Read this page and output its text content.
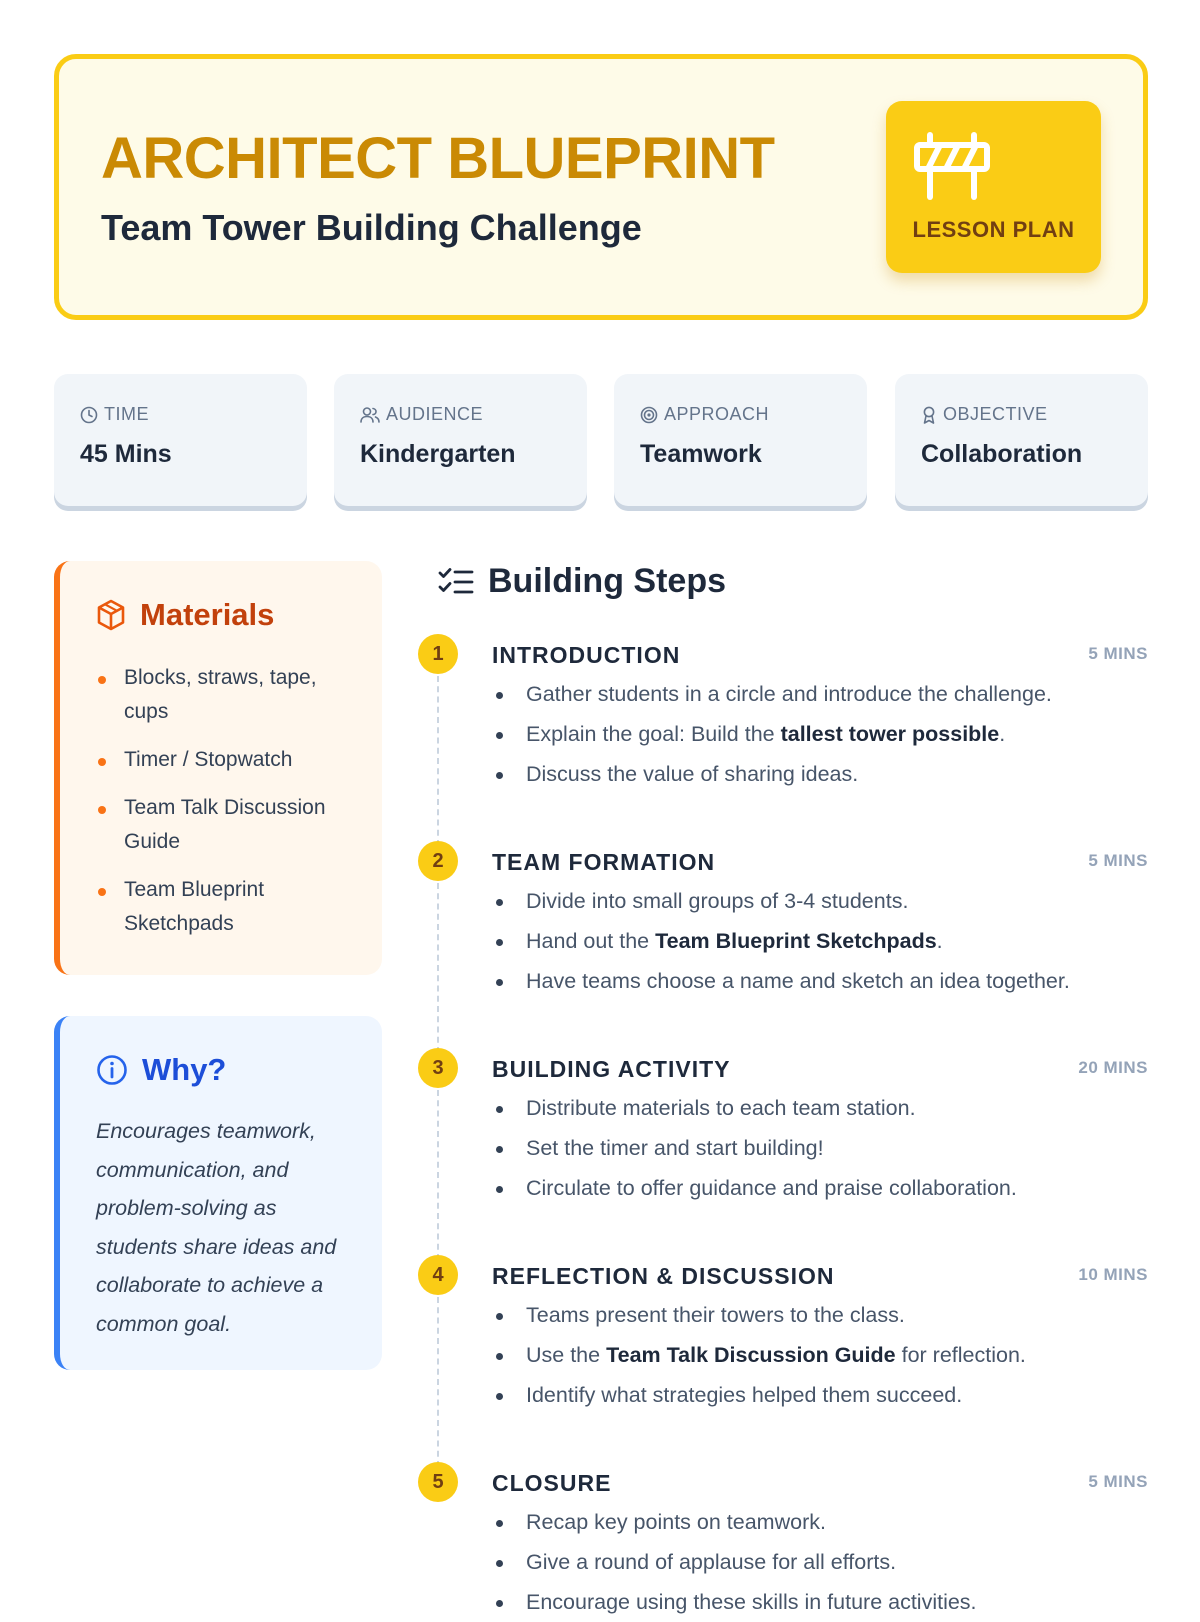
ARCHITECT BLUEPRINT
Team Tower Building Challenge	LESSON PLAN
TIME
45 Mins
AUDIENCE
Kindergarten
APPROACH
Teamwork
OBJECTIVE
Collaboration
Materials
Blocks, straws, tape, cups
Timer / Stopwatch
Team Talk Discussion Guide
Team Blueprint Sketchpads
Why?
Encourages teamwork, communication, and problem-solving as students share ideas and collaborate to achieve a common goal.
Building Steps
1	INTRODUCTION	5 MINS
Gather students in a circle and introduce the challenge.
Explain the goal: Build the tallest tower possible.
Discuss the value of sharing ideas.
2	TEAM FORMATION	5 MINS
Divide into small groups of 3-4 students.
Hand out the Team Blueprint Sketchpads.
Have teams choose a name and sketch an idea together.
3	BUILDING ACTIVITY	20 MINS
Distribute materials to each team station.
Set the timer and start building!
Circulate to offer guidance and praise collaboration.
4	REFLECTION & DISCUSSION	10 MINS
Teams present their towers to the class.
Use the Team Talk Discussion Guide for reflection.
Identify what strategies helped them succeed.
5	CLOSURE	5 MINS
Recap key points on teamwork.
Give a round of applause for all efforts.
Encourage using these skills in future activities.
